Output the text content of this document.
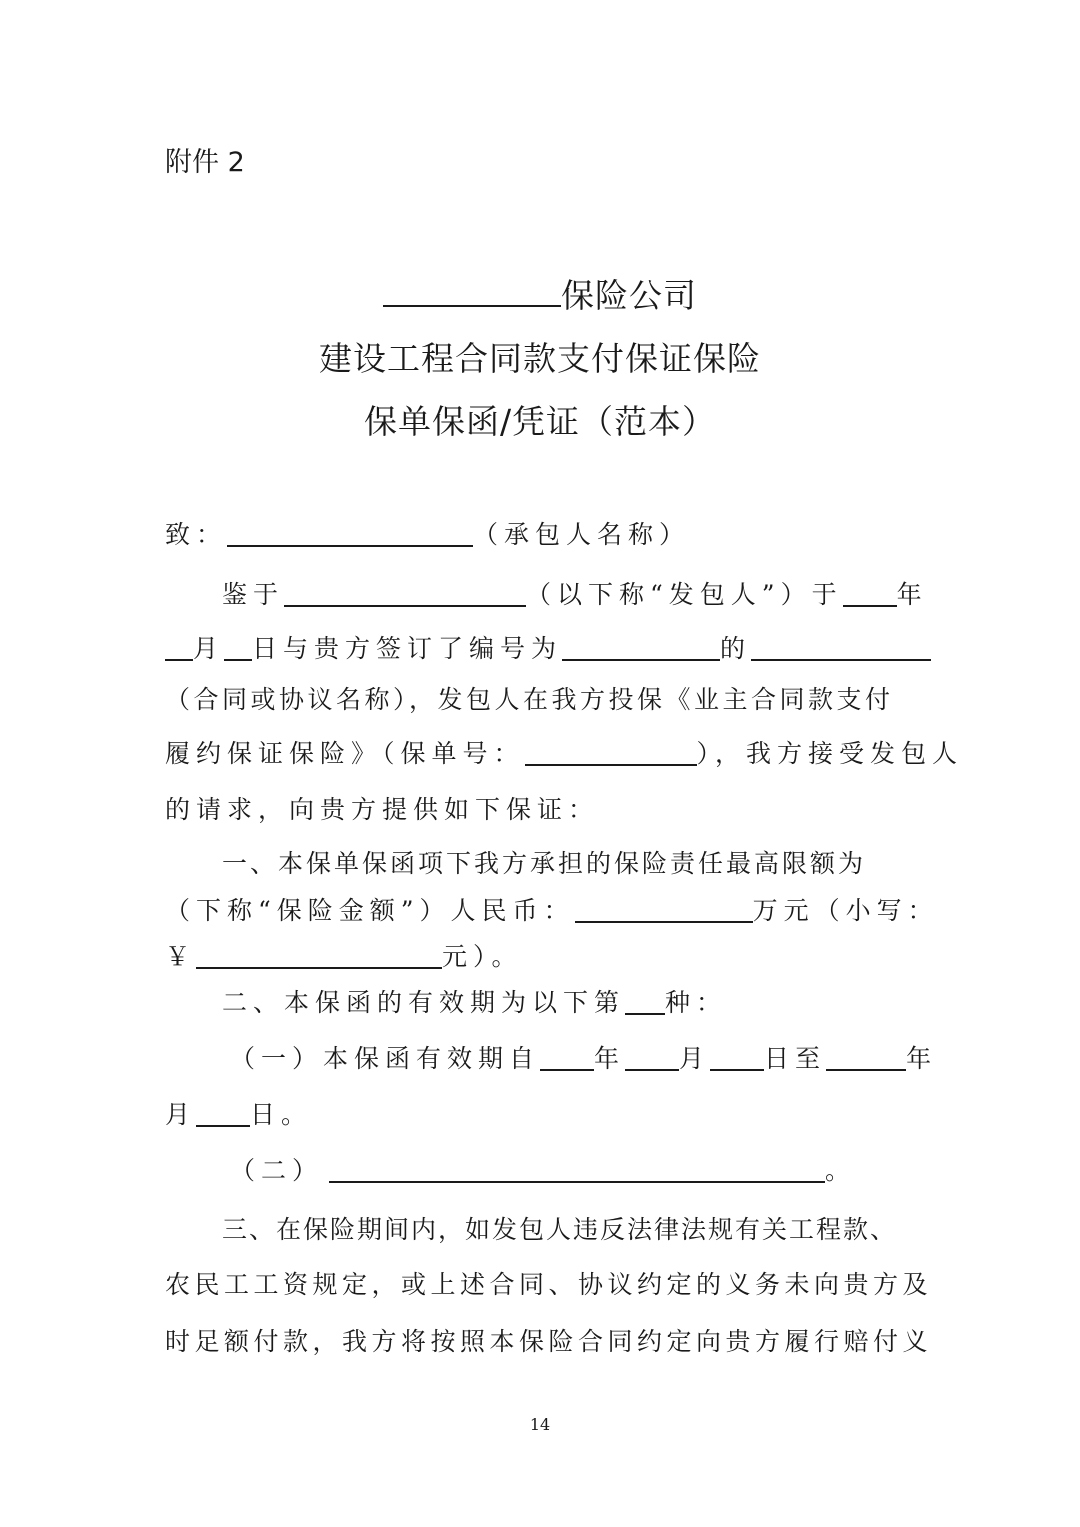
附件 2
保险公司
建设工程合同款支付保证保险
保单保函/凭证（范本）
致：	（承包人名称）
鉴于	（以下称“发包人”）于 年
月 日与贵方签订了编号为	的
（合同或协议名称），发包人在我方投保《业主合同款支付
履约保证保险》（保单号：	），我方接受发包人
的请求，向贵方提供如下保证：
一、本保单保函项下我方承担的保险责任最高限额为
（下称“保险金额”）人民币：	万元（小写：
￥	元）。
二、本保函的有效期为以下第 种：
（一）本保函有效期自 年 月 日至	年
月 日。
（二）	。
三、在保险期间内，如发包人违反法律法规有关工程款、
农民工工资规定，或上述合同、协议约定的义务未向贵方及
时足额付款，我方将按照本保险合同约定向贵方履行赔付义
14
